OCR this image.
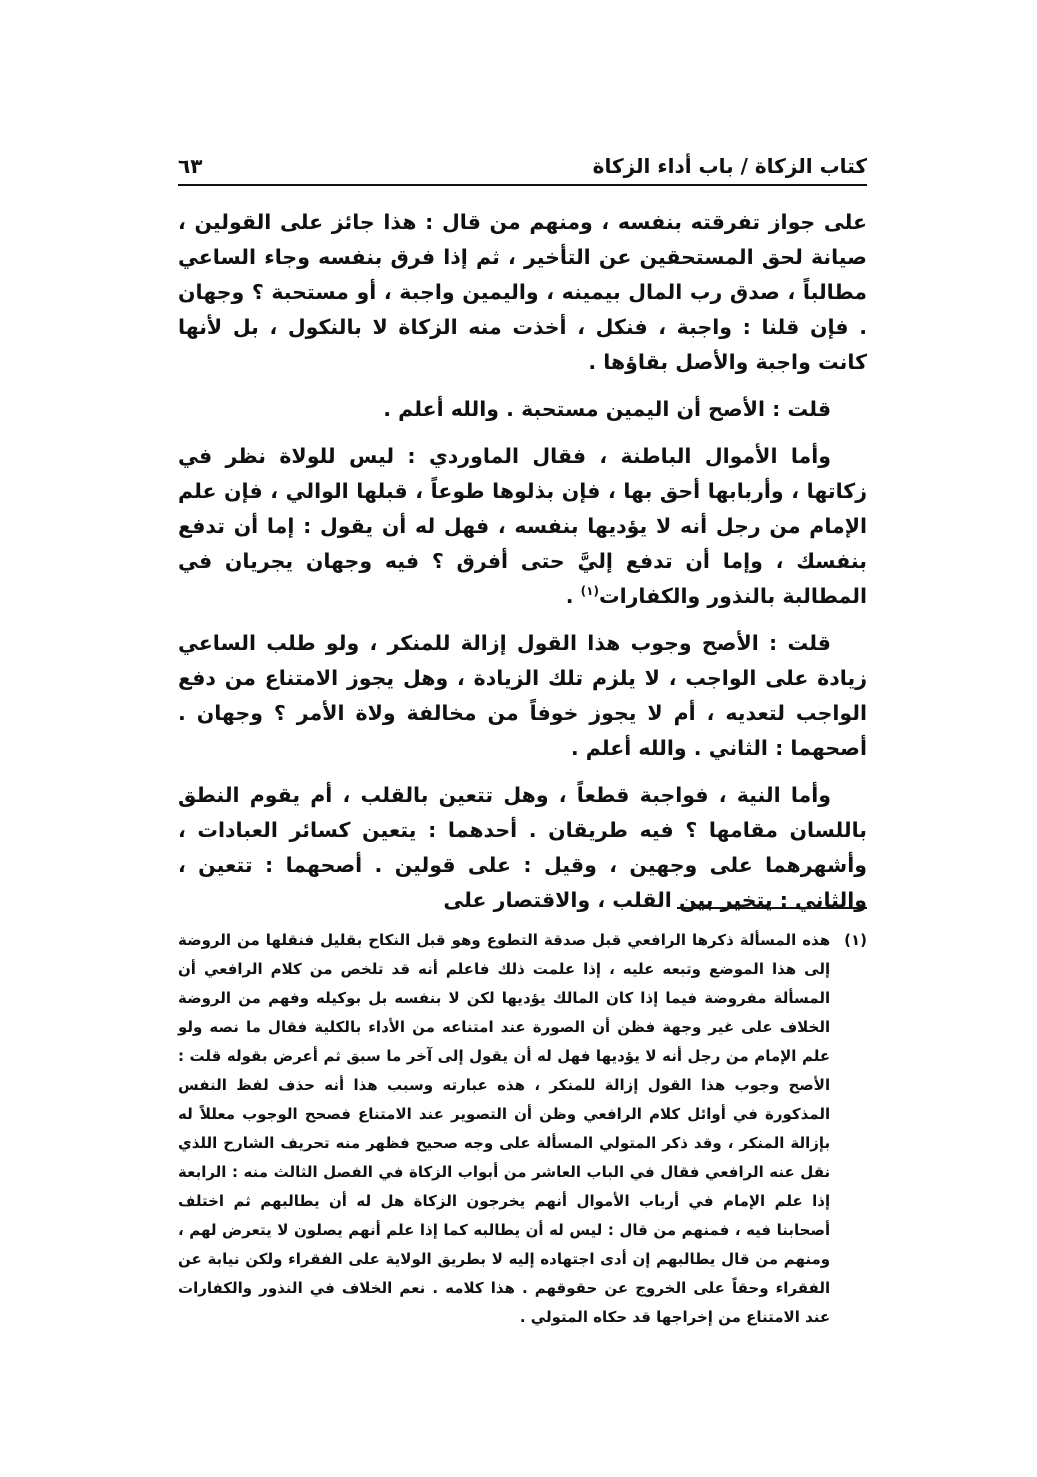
كتاب الزكاة / باب أداء الزكاة
٦٣

على جواز تفرقته بنفسه ، ومنهم من قال : هذا جائز على القولين ، صيانة لحق المستحقين عن التأخير ، ثم إذا فرق بنفسه وجاء الساعي مطالباً ، صدق رب المال بيمينه ، واليمين واجبة ، أو مستحبة ؟ وجهان . فإن قلنا : واجبة ، فنكل ، أخذت منه الزكاة لا بالنكول ، بل لأنها كانت واجبة والأصل بقاؤها .

قلت : الأصح أن اليمين مستحبة . والله أعلم .

وأما الأموال الباطنة ، فقال الماوردي : ليس للولاة نظر في زكاتها ، وأربابها أحق بها ، فإن بذلوها طوعاً ، قبلها الوالي ، فإن علم الإمام من رجل أنه لا يؤديها بنفسه ، فهل له أن يقول : إما أن تدفع بنفسك ، وإما أن تدفع إليَّ حتى أفرق ؟ فيه وجهان يجريان في المطالبة بالنذور والكفارات$^{(١)}$ .

قلت : الأصح وجوب هذا القول إزالة للمنكر ، ولو طلب الساعي زيادة على الواجب ، لا يلزم تلك الزيادة ، وهل يجوز الامتناع من دفع الواجب لتعديه ، أم لا يجوز خوفاً من مخالفة ولاة الأمر ؟ وجهان . أصحهما : الثاني . والله أعلم .

وأما النية ، فواجبة قطعاً ، وهل تتعين بالقلب ، أم يقوم النطق باللسان مقامها ؟ فيه طريقان . أحدهما : يتعين كسائر العبادات ، وأشهرهما على وجهين ، وقيل : على قولين . أصحهما : تتعين ، والثاني : يتخير بين القلب ، والاقتصار على

(١)
هذه المسألة ذكرها الرافعي قبل صدقة التطوع وهو قبل النكاح بقليل فنقلها من الروضة إلى هذا الموضع وتبعه عليه ، إذا علمت ذلك فاعلم أنه قد تلخص من كلام الرافعي أن المسألة مفروضة فيما إذا كان المالك يؤديها لكن لا بنفسه بل بوكيله وفهم من الروضة الخلاف على غير وجهة فظن أن الصورة عند امتناعه من الأداء بالكلية فقال ما نصه ولو علم الإمام من رجل أنه لا يؤديها فهل له أن يقول إلى آخر ما سبق ثم أعرض بقوله قلت : الأصح وجوب هذا القول إزالة للمنكر ، هذه عبارته وسبب هذا أنه حذف لفظ النفس المذكورة في أوائل كلام الرافعي وظن أن التصوير عند الامتناع فصحح الوجوب معللاً له بإزالة المنكر ، وقد ذكر المتولي المسألة على وجه صحيح فظهر منه تحريف الشارح اللذي نقل عنه الرافعي فقال في الباب العاشر من أبواب الزكاة في الفصل الثالث منه : الرابعة إذا علم الإمام في أرباب الأموال أنهم يخرجون الزكاة هل له أن يطالبهم ثم اختلف أصحابنا فيه ، فمنهم من قال : ليس له أن يطالبه كما إذا علم أنهم يصلون لا يتعرض لهم ، ومنهم من قال يطالبهم إن أدى اجتهاده إليه لا بطريق الولاية على الفقراء ولكن نيابة عن الفقراء وحقاً على الخروج عن حقوقهم . هذا كلامه . نعم الخلاف في النذور والكفارات عند الامتناع من إخراجها قد حكاه المتولي .
